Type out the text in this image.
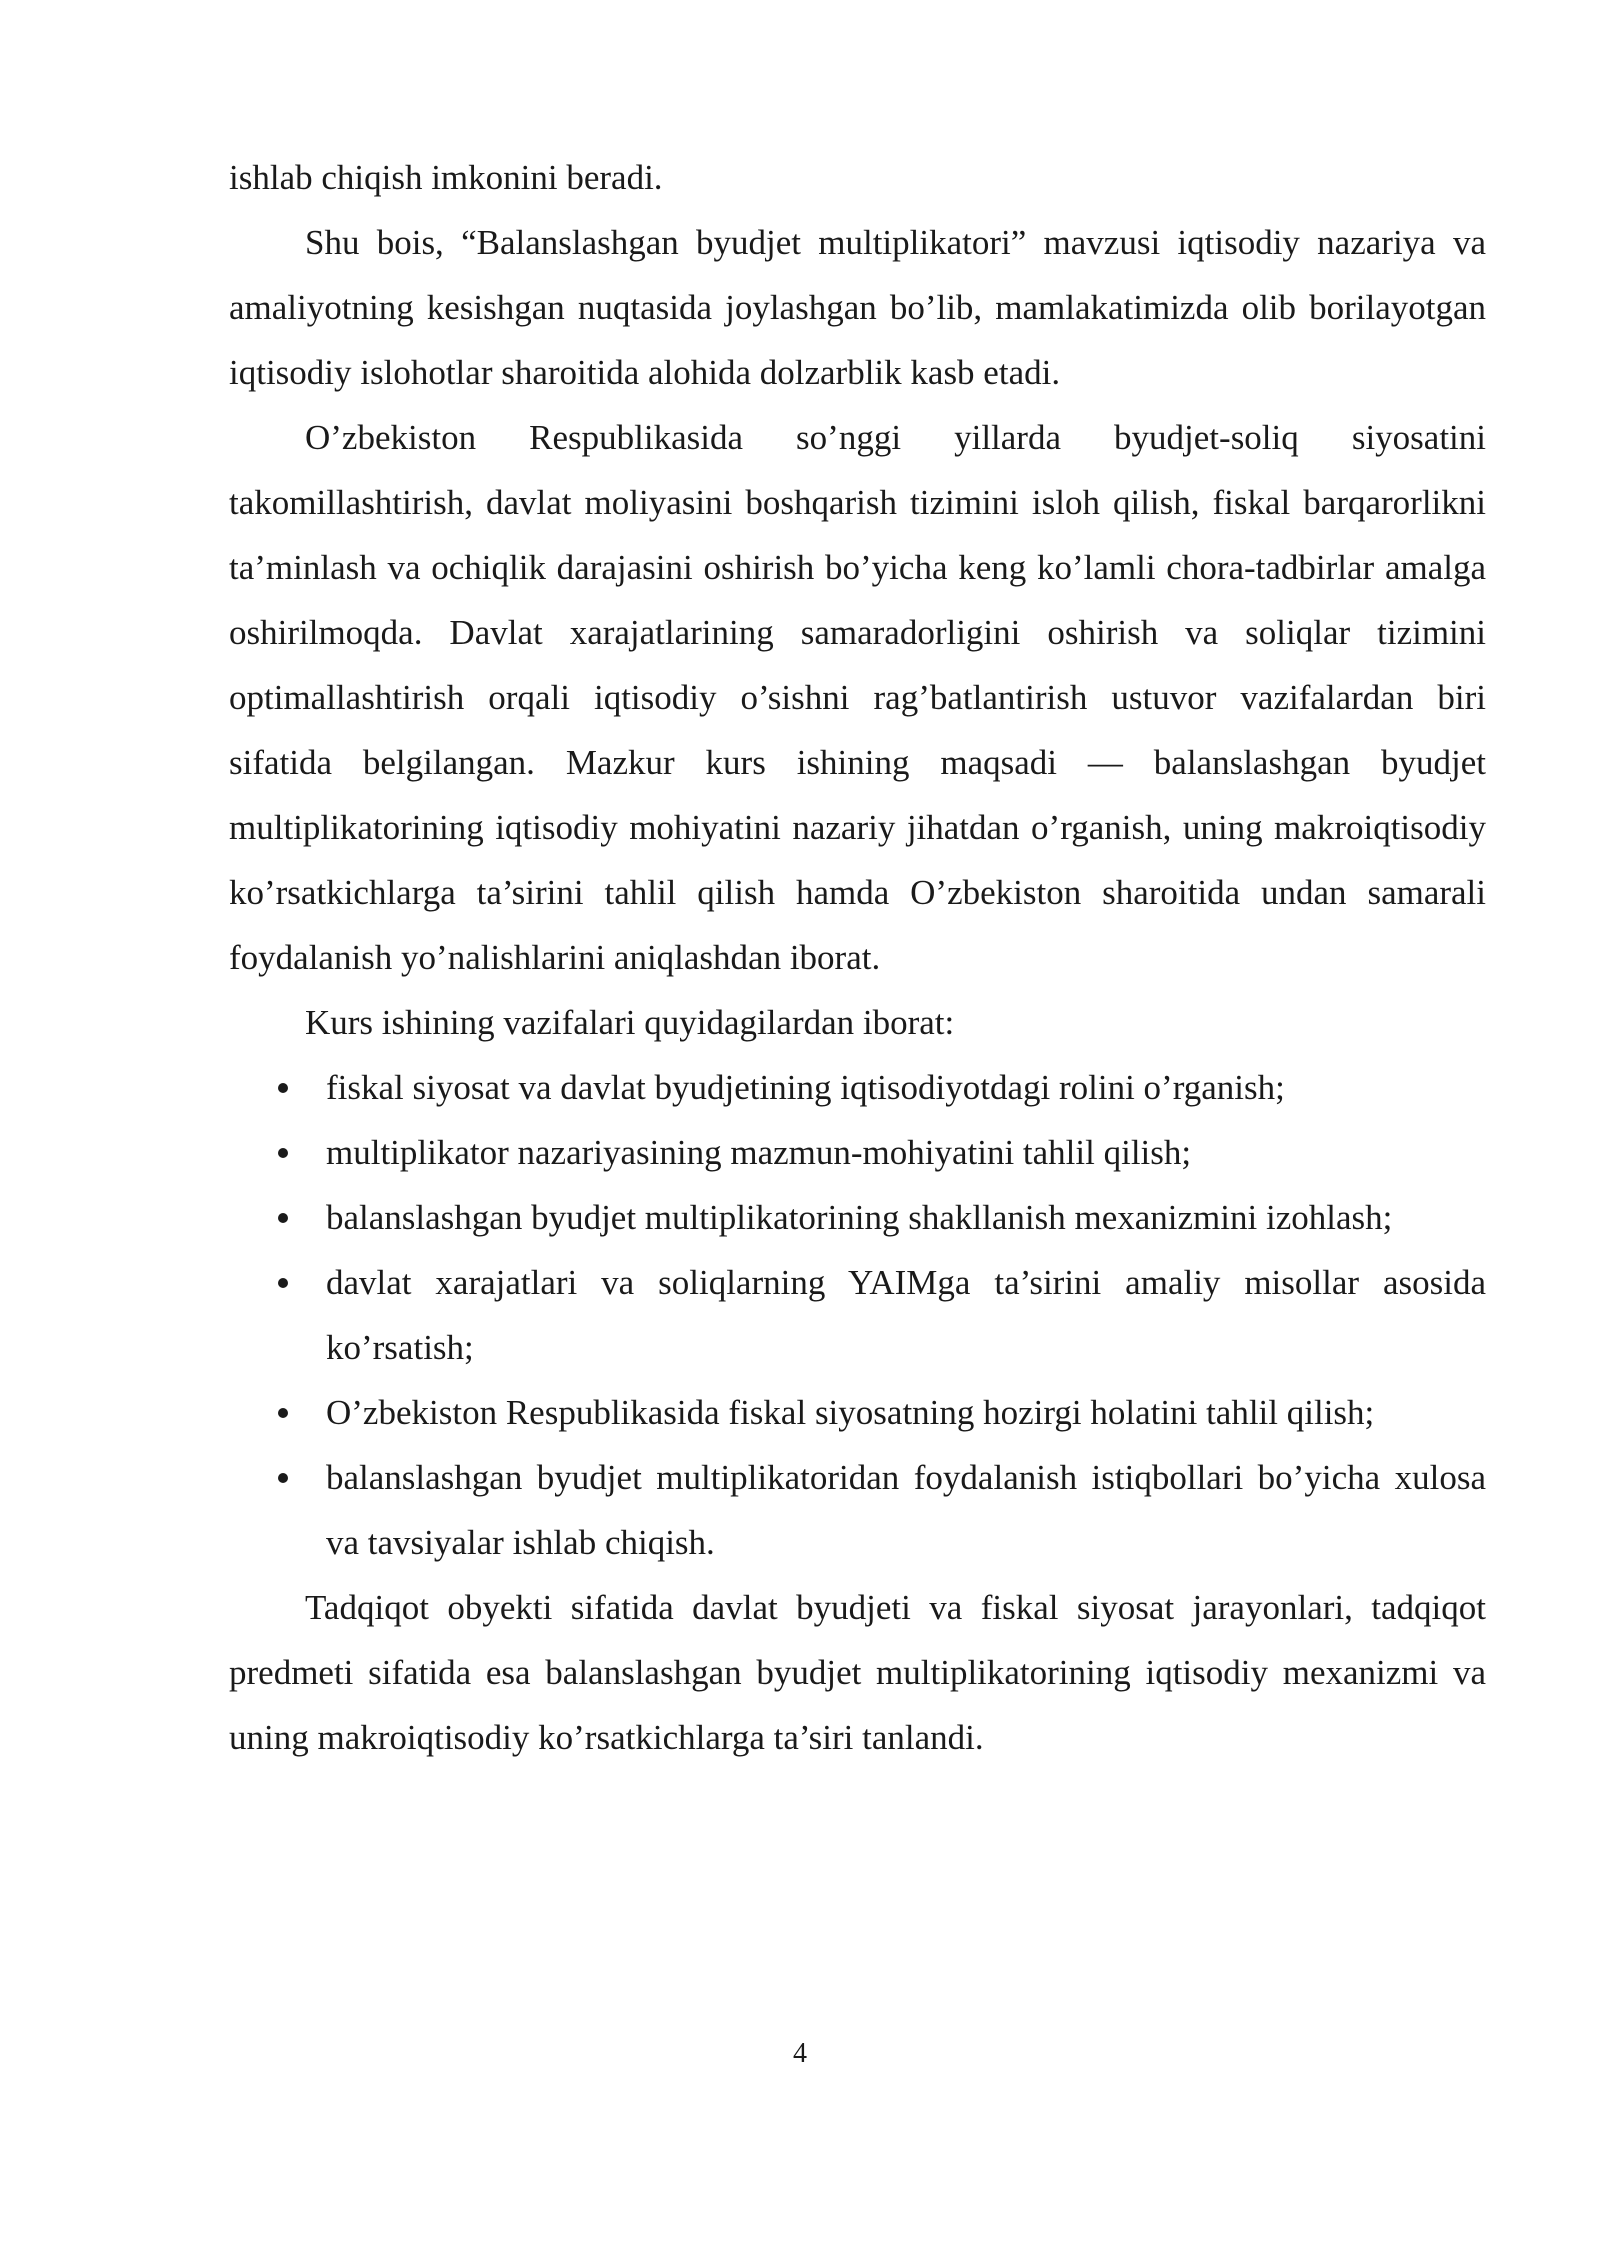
ishlab chiqish imkonini beradi.

Shu bois, “Balanslashgan byudjet multiplikatori” mavzusi iqtisodiy nazariya va amaliyotning kesishgan nuqtasida joylashgan bo’lib, mamlakatimizda olib borilayotgan iqtisodiy islohotlar sharoitida alohida dolzarblik kasb etadi.

O’zbekiston Respublikasida so’nggi yillarda byudjet-soliq siyosatini takomillashtirish, davlat moliyasini boshqarish tizimini isloh qilish, fiskal barqarorlikni ta’minlash va ochiqlik darajasini oshirish bo’yicha keng ko’lamli chora-tadbirlar amalga oshirilmoqda. Davlat xarajatlarining samaradorligini oshirish va soliqlar tizimini optimallashtirish orqali iqtisodiy o’sishni rag’batlantirish ustuvor vazifalardan biri sifatida belgilangan. Mazkur kurs ishining maqsadi — balanslashgan byudjet multiplikatorining iqtisodiy mohiyatini nazariy jihatdan o’rganish, uning makroiqtisodiy ko’rsatkichlarga ta’sirini tahlil qilish hamda O’zbekiston sharoitida undan samarali foydalanish yo’nalishlarini aniqlashdan iborat.

Kurs ishining vazifalari quyidagilardan iborat:

fiskal siyosat va davlat byudjetining iqtisodiyotdagi rolini o’rganish;
multiplikator nazariyasining mazmun-mohiyatini tahlil qilish;
balanslashgan byudjet multiplikatorining shakllanish mexanizmini izohlash;
davlat xarajatlari va soliqlarning YAIMga ta’sirini amaliy misollar asosida ko’rsatish;
O’zbekiston Respublikasida fiskal siyosatning hozirgi holatini tahlil qilish;
balanslashgan byudjet multiplikatoridan foydalanish istiqbollari bo’yicha xulosa va tavsiyalar ishlab chiqish.

Tadqiqot obyekti sifatida davlat byudjeti va fiskal siyosat jarayonlari, tadqiqot predmeti sifatida esa balanslashgan byudjet multiplikatorining iqtisodiy mexanizmi va uning makroiqtisodiy ko’rsatkichlarga ta’siri tanlandi.

4
